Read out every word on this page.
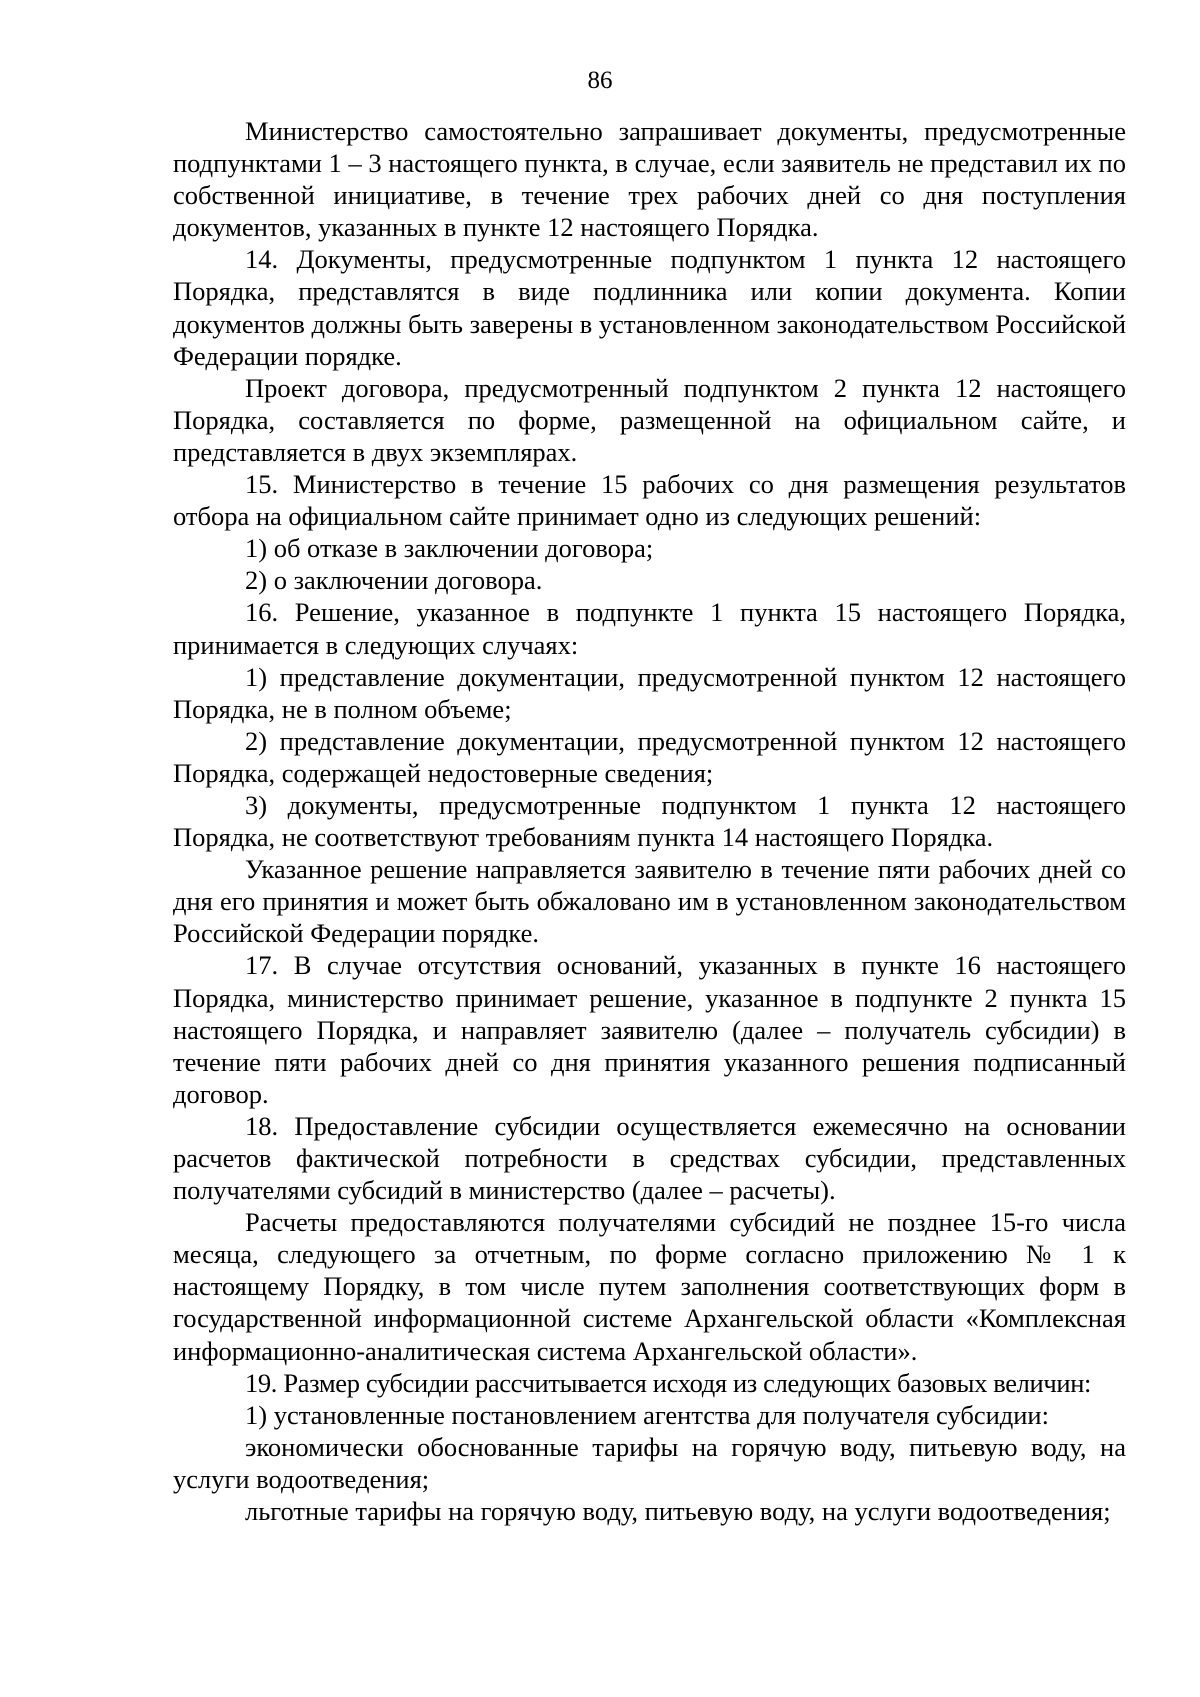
86

Министерство самостоятельно запрашивает документы, предусмотренные подпунктами 1 – 3 настоящего пункта, в случае, если заявитель не представил их по собственной инициативе, в течение трех рабочих дней со дня поступления документов, указанных в пункте 12 настоящего Порядка.

14. Документы, предусмотренные подпунктом 1 пункта 12 настоящего Порядка, представлятся в виде подлинника или копии документа. Копии документов должны быть заверены в установленном законодательством Российской Федерации порядке.

Проект договора, предусмотренный подпунктом 2 пункта 12 настоящего Порядка, составляется по форме, размещенной на официальном сайте, и представляется в двух экземплярах.

15. Министерство в течение 15 рабочих со дня размещения результатов отбора на официальном сайте принимает одно из следующих решений:

1) об отказе в заключении договора;

2) о заключении договора.

16. Решение, указанное в подпункте 1 пункта 15 настоящего Порядка, принимается в следующих случаях:

1) представление документации, предусмотренной пунктом 12 настоящего Порядка, не в полном объеме;

2) представление документации, предусмотренной пунктом 12 настоящего Порядка, содержащей недостоверные сведения;

3) документы, предусмотренные подпунктом 1 пункта 12 настоящего Порядка, не соответствуют требованиям пункта 14 настоящего Порядка.

Указанное решение направляется заявителю в течение пяти рабочих дней со дня его принятия и может быть обжаловано им в установленном законодательством Российской Федерации порядке.

17. В случае отсутствия оснований, указанных в пункте 16 настоящего Порядка, министерство принимает решение, указанное в подпункте 2 пункта 15 настоящего Порядка, и направляет заявителю (далее – получатель субсидии) в течение пяти рабочих дней со дня принятия указанного решения подписанный договор.

18. Предоставление субсидии осуществляется ежемесячно на основании расчетов фактической потребности в средствах субсидии, представленных получателями субсидий в министерство (далее – расчеты).

Расчеты предоставляются получателями субсидий не позднее 15-го числа месяца, следующего за отчетным, по форме согласно приложению № 1 к настоящему Порядку, в том числе путем заполнения соответствующих форм в государственной информационной системе Архангельской области «Комплексная информационно-аналитическая система Архангельской области».

19. Размер субсидии рассчитывается исходя из следующих базовых величин:

1) установленные постановлением агентства для получателя субсидии:

экономически обоснованные тарифы на горячую воду, питьевую воду, на услуги водоотведения;

льготные тарифы на горячую воду, питьевую воду, на услуги водоотведения;
